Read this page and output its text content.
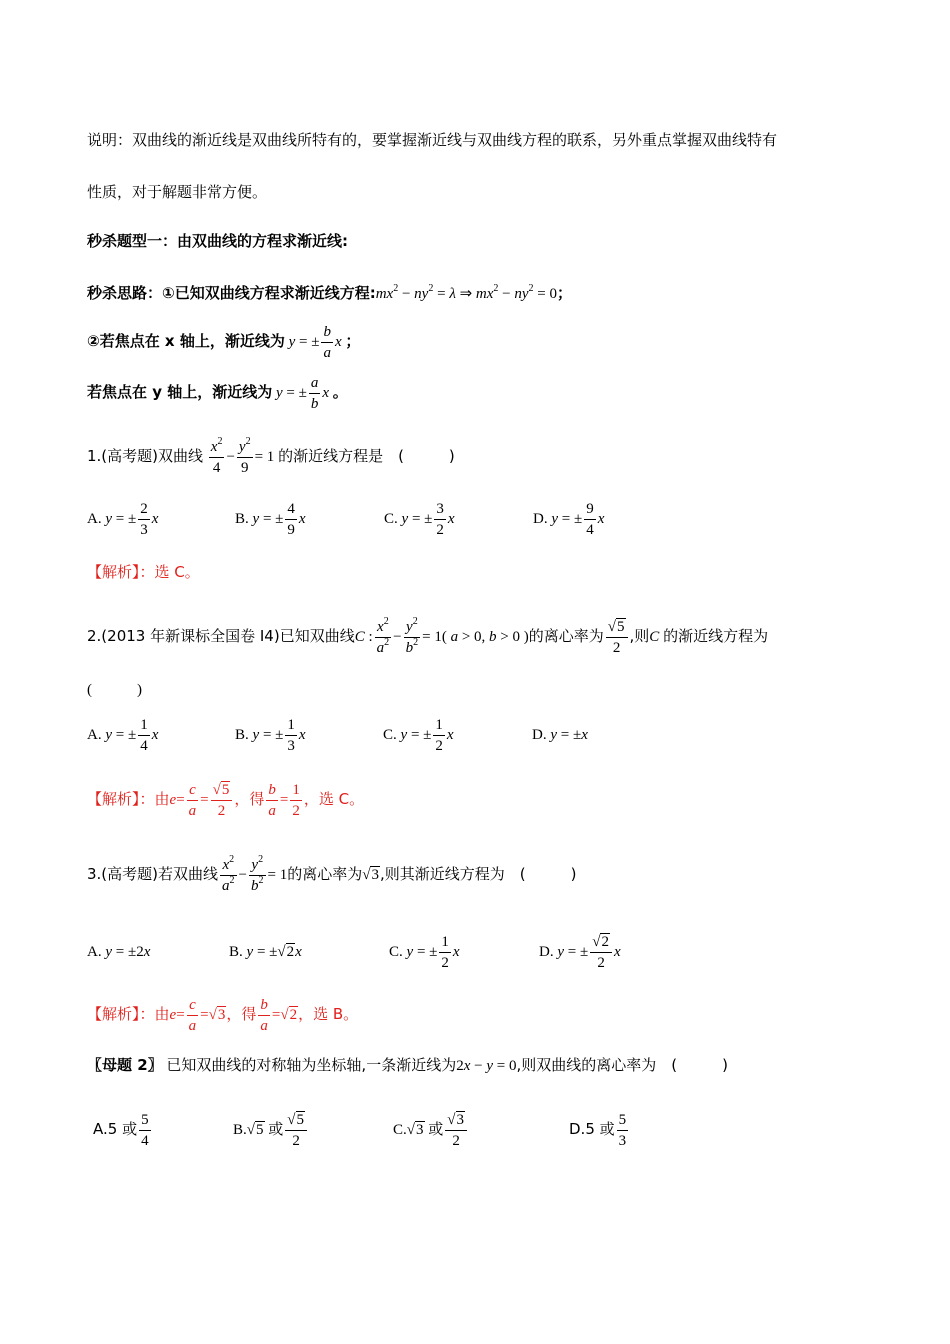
说明：双曲线的渐近线是双曲线所特有的，要掌握渐近线与双曲线方程的联系，另外重点掌握双曲线特有
性质，对于解题非常方便。
秒杀题型一：由双曲线的方程求渐近线:
秒杀思路：①已知双曲线方程求渐近线方程$:mx^2 - ny^2 = \lambda$ ⇒ $mx^2 - ny^2 = 0$；
②若焦点在 x 轴上，渐近线为 y = ± $\frac{b}{a}$ x ；
若焦点在 y 轴上，渐近线为 y = ± $\frac{a}{b}$ x 。
1.(高考题)双曲线 $\frac{x^2}{4} - \frac{y^2}{9} = 1$ 的渐近线方程是　(　　　)
A. y = ± $\frac{2}{3}$ x	B. y = ± $\frac{4}{9}$ x	C. y = ± $\frac{3}{2}$ x	D. y = ± $\frac{9}{4}$ x
【解析】：选 C。
2.(2013 年新课标全国卷 I4)已知双曲线C : $\frac{x^2}{a^2} - \frac{y^2}{b^2} = 1$( a > 0, b > 0 )的离心率为 $\frac{√5}{2}$ ,则C 的渐近线方程为
(　　　)
A. y = ± $\frac{1}{4}$ x	B. y = ± $\frac{1}{3}$ x	C. y = ± $\frac{1}{2}$ x	D. y = ±x
【解析】：由$e= \frac{c}{a} = \frac{√5}{2}$ ，得 $\frac{b}{a} = \frac{1}{2}$ ，选 C。
3.(高考题)若双曲线 $\frac{x^2}{a^2} - \frac{y^2}{b^2} = 1$的离心率为√3,则其渐近线方程为　(　　　)
A. y = ±2x	B. y = ±√2x	C. y = ± $\frac{1}{2}$ x	D. y = ± $\frac{√2}{2}$ x
【解析】：由$e= \frac{c}{a} =√3$，得 $\frac{b}{a} =√2$，选 B。
〖母题 2〗 已知双曲线的对称轴为坐标轴,一条渐近线为2x − y = 0,则双曲线的离心率为　(　　　)
A.5 或 $\frac{5}{4}$	B.√5 或 $\frac{√5}{2}$	C.√3 或 $\frac{√3}{2}$	D.5 或 $\frac{5}{3}$
